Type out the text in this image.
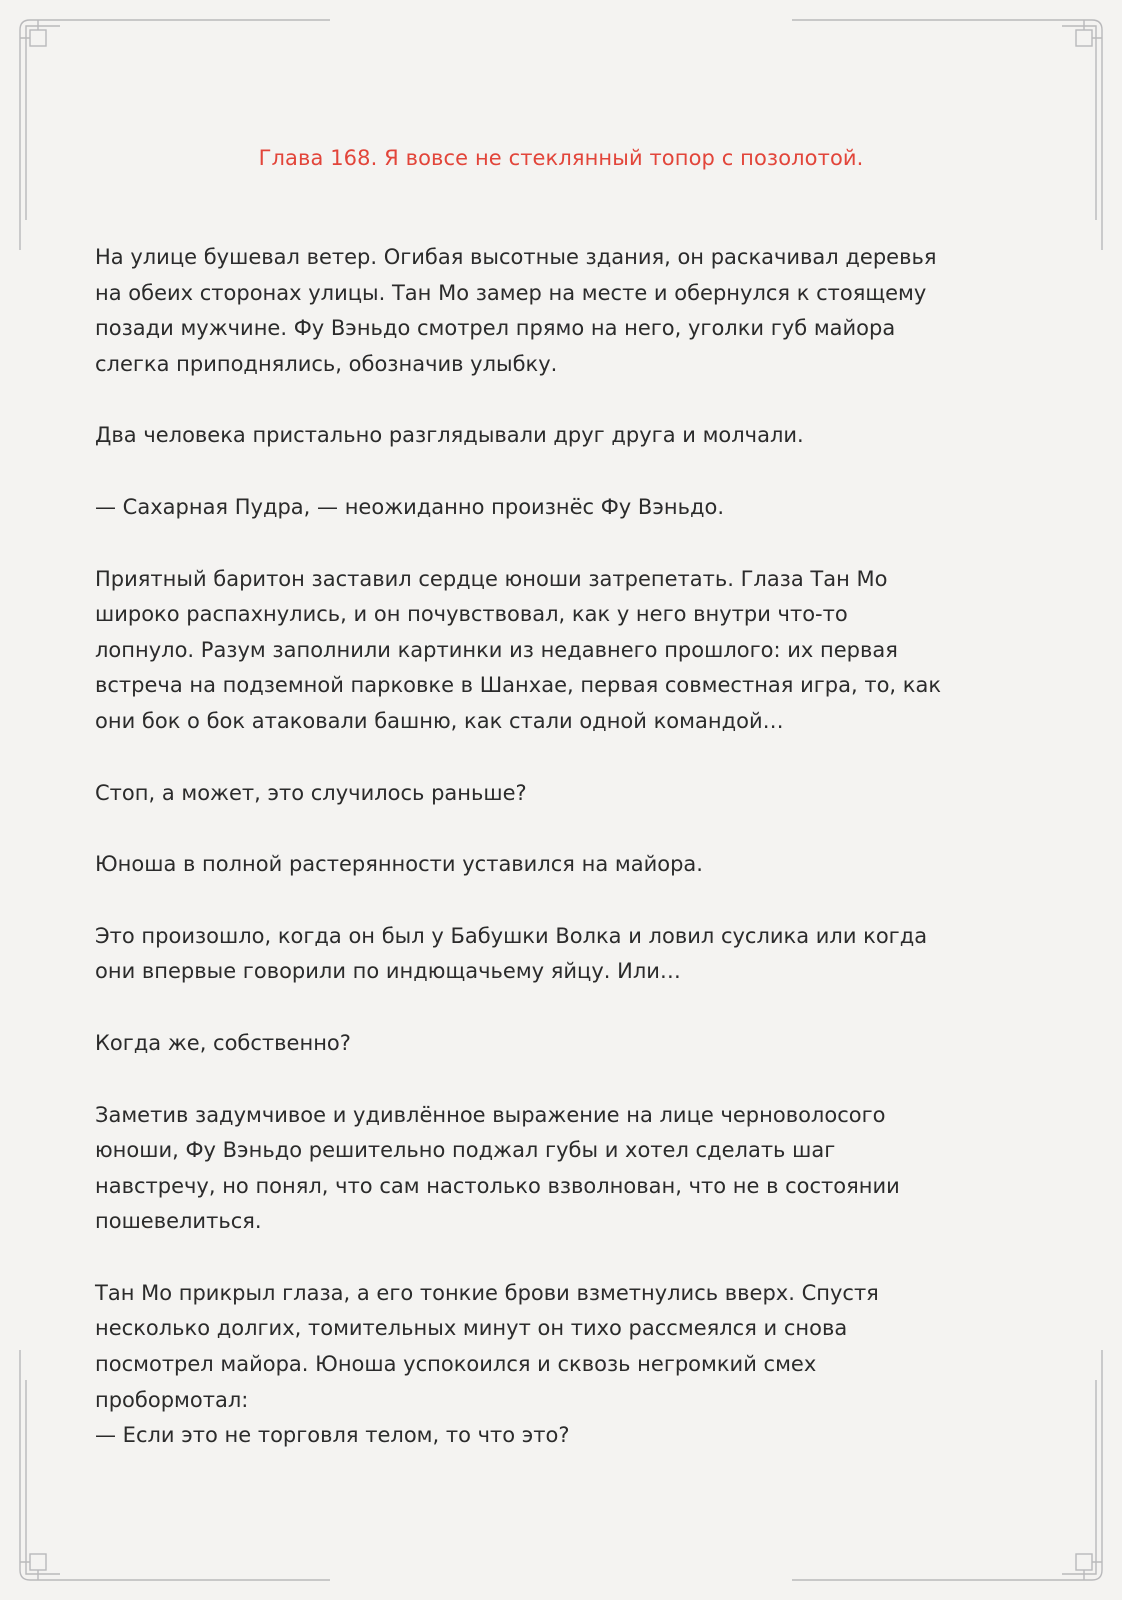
Глава 168. Я вовсе не стеклянный топор с позолотой.

На улице бушевал ветер. Огибая высотные здания, он раскачивал деревья
на обеих сторонах улицы. Тан Мо замер на месте и обернулся к стоящему
позади мужчине. Фу Вэньдо смотрел прямо на него, уголки губ майора
слегка приподнялись, обозначив улыбку.

Два человека пристально разглядывали друг друга и молчали.

— Сахарная Пудра, — неожиданно произнёс Фу Вэньдо.

Приятный баритон заставил сердце юноши затрепетать. Глаза Тан Мо
широко распахнулись, и он почувствовал, как у него внутри что-то
лопнуло. Разум заполнили картинки из недавнего прошлого: их первая
встреча на подземной парковке в Шанхае, первая совместная игра, то, как
они бок о бок атаковали башню, как стали одной командой…

Стоп, а может, это случилось раньше?

Юноша в полной растерянности уставился на майора.

Это произошло, когда он был у Бабушки Волка и ловил суслика или когда
они впервые говорили по индющачьему яйцу. Или…

Когда же, собственно?

Заметив задумчивое и удивлённое выражение на лице черноволосого
юноши, Фу Вэньдо решительно поджал губы и хотел сделать шаг
навстречу, но понял, что сам настолько взволнован, что не в состоянии
пошевелиться.

Тан Мо прикрыл глаза, а его тонкие брови взметнулись вверх. Спустя
несколько долгих, томительных минут он тихо рассмеялся и снова
посмотрел майора. Юноша успокоился и сквозь негромкий смех
пробормотал:

— Если это не торговля телом, то что это?
